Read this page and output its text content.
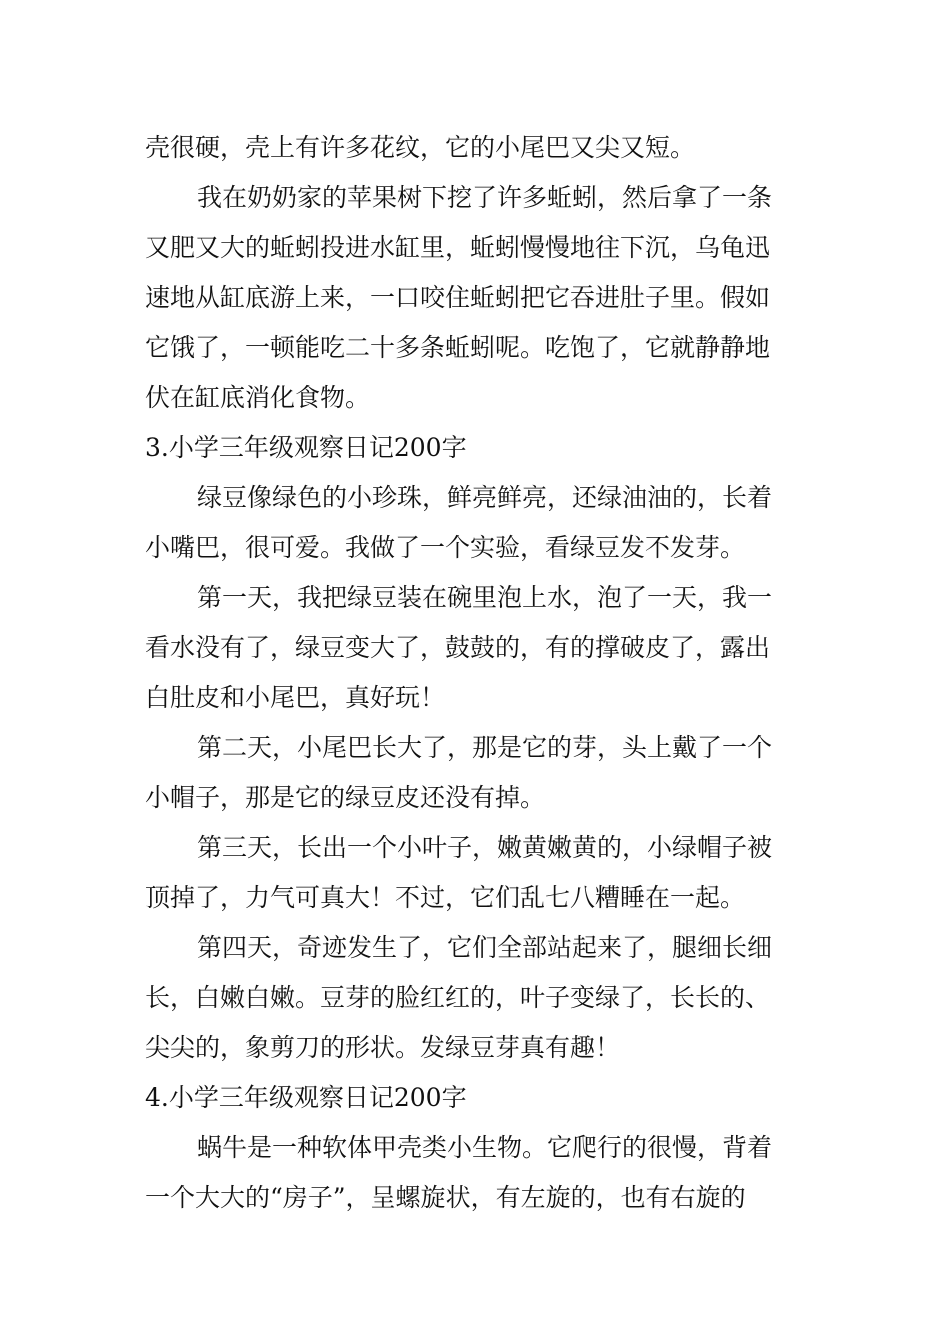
壳很硬，壳上有许多花纹，它的小尾巴又尖又短。

我在奶奶家的苹果树下挖了许多蚯蚓，然后拿了一条

又肥又大的蚯蚓投进水缸里，蚯蚓慢慢地往下沉，乌龟迅

速地从缸底游上来，一口咬住蚯蚓把它吞进肚子里。假如

它饿了，一顿能吃二十多条蚯蚓呢。吃饱了，它就静静地

伏在缸底消化食物。

3.小学三年级观察日记200字

绿豆像绿色的小珍珠，鲜亮鲜亮，还绿油油的，长着

小嘴巴，很可爱。我做了一个实验，看绿豆发不发芽。

第一天，我把绿豆装在碗里泡上水，泡了一天，我一

看水没有了，绿豆变大了，鼓鼓的，有的撑破皮了，露出

白肚皮和小尾巴，真好玩！

第二天，小尾巴长大了，那是它的芽，头上戴了一个

小帽子，那是它的绿豆皮还没有掉。

第三天，长出一个小叶子，嫩黄嫩黄的，小绿帽子被

顶掉了，力气可真大！不过，它们乱七八糟睡在一起。

第四天，奇迹发生了，它们全部站起来了，腿细长细

长，白嫩白嫩。豆芽的脸红红的，叶子变绿了，长长的、

尖尖的，象剪刀的形状。发绿豆芽真有趣！

4.小学三年级观察日记200字

蜗牛是一种软体甲壳类小生物。它爬行的很慢，背着

一个大大的“房子”，呈螺旋状，有左旋的，也有右旋的
